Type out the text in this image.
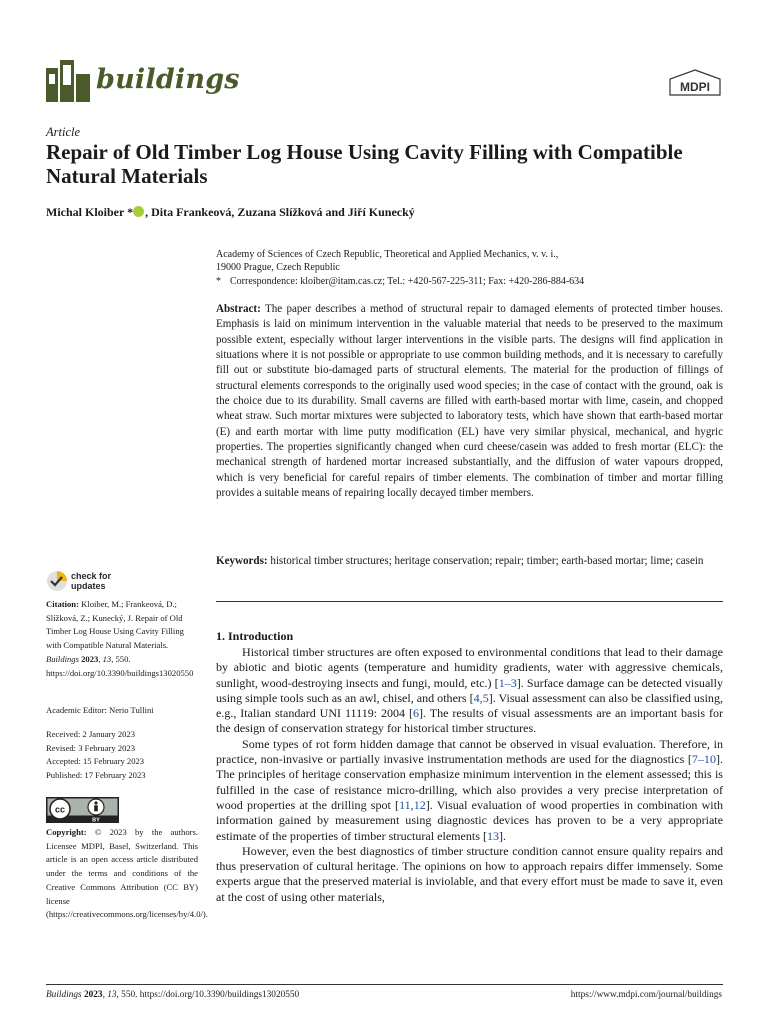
buildings	MDPI
Article
Repair of Old Timber Log House Using Cavity Filling with Compatible Natural Materials
Michal Kloiber * , Dita Frankeová, Zuzana Slížková and Jiří Kunecký
Academy of Sciences of Czech Republic, Theoretical and Applied Mechanics, v. v. i.,
19000 Prague, Czech Republic
* Correspondence: kloiber@itam.cas.cz; Tel.: +420-567-225-311; Fax: +420-286-884-634
Abstract: The paper describes a method of structural repair to damaged elements of protected timber houses. Emphasis is laid on minimum intervention in the valuable material that needs to be preserved to the maximum possible extent, especially without larger interventions in the visible parts. The designs will find application in situations where it is not possible or appropriate to use common building methods, and it is necessary to carefully fill out or substitute bio-damaged parts of structural elements. The material for the production of fillings of structural elements corresponds to the originally used wood species; in the case of contact with the ground, oak is the choice due to its durability. Small caverns are filled with earth-based mortar with lime, casein, and chopped wheat straw. Such mortar mixtures were subjected to laboratory tests, which have shown that earth-based mortar (E) and earth mortar with lime putty modification (EL) have very similar physical, mechanical, and hygric properties. The properties significantly changed when curd cheese/casein was added to fresh mortar (ELC): the mechanical strength of hardened mortar increased substantially, and the diffusion of water vapours dropped, which is very beneficial for careful repairs of timber elements. The combination of timber and mortar filling provides a suitable means of repairing locally decayed timber members.
Keywords: historical timber structures; heritage conservation; repair; timber; earth-based mortar; lime; casein
check for
updates
Citation: Kloiber, M.; Frankeová, D.; Slížková, Z.; Kunecký, J. Repair of Old Timber Log House Using Cavity Filling with Compatible Natural Materials. Buildings 2023, 13, 550. https://doi.org/10.3390/buildings13020550
Academic Editor: Nerio Tullini
Received: 2 January 2023
Revised: 3 February 2023
Accepted: 15 February 2023
Published: 17 February 2023
cc
BY
Copyright: © 2023 by the authors. Licensee MDPI, Basel, Switzerland. This article is an open access article distributed under the terms and conditions of the Creative Commons Attribution (CC BY) license (https://creativecommons.org/licenses/by/4.0/).
1. Introduction

Historical timber structures are often exposed to environmental conditions that lead to their damage by abiotic and biotic agents (temperature and humidity gradients, water with aggressive chemicals, sunlight, wood-destroying insects and fungi, mould, etc.) [1–3]. Surface damage can be detected visually using simple tools such as an awl, chisel, and others [4,5]. Visual assessment can also be classified using, e.g., Italian standard UNI 11119: 2004 [6]. The results of visual assessments are an important basis for the design of conservation strategy for historical timber structures.

Some types of rot form hidden damage that cannot be observed in visual evaluation. Therefore, in practice, non-invasive or partially invasive instrumentation methods are used for the diagnostics [7–10]. The principles of heritage conservation emphasize minimum intervention in the element assessed; this is fulfilled in the case of resistance micro-drilling, which also provides a very precise interpretation of wood properties at the drilling spot [11,12]. Visual evaluation of wood properties in combination with information gained by measurement using diagnostic devices has proven to be a very appropriate estimate of the properties of timber structural elements [13].

However, even the best diagnostics of timber structure condition cannot ensure quality repairs and thus preservation of cultural heritage. The opinions on how to approach repairs differ immensely. Some experts argue that the preserved material is inviolable, and that every effort must be made to save it, even at the cost of using other materials,

Buildings 2023, 13, 550. https://doi.org/10.3390/buildings13020550	https://www.mdpi.com/journal/buildings
